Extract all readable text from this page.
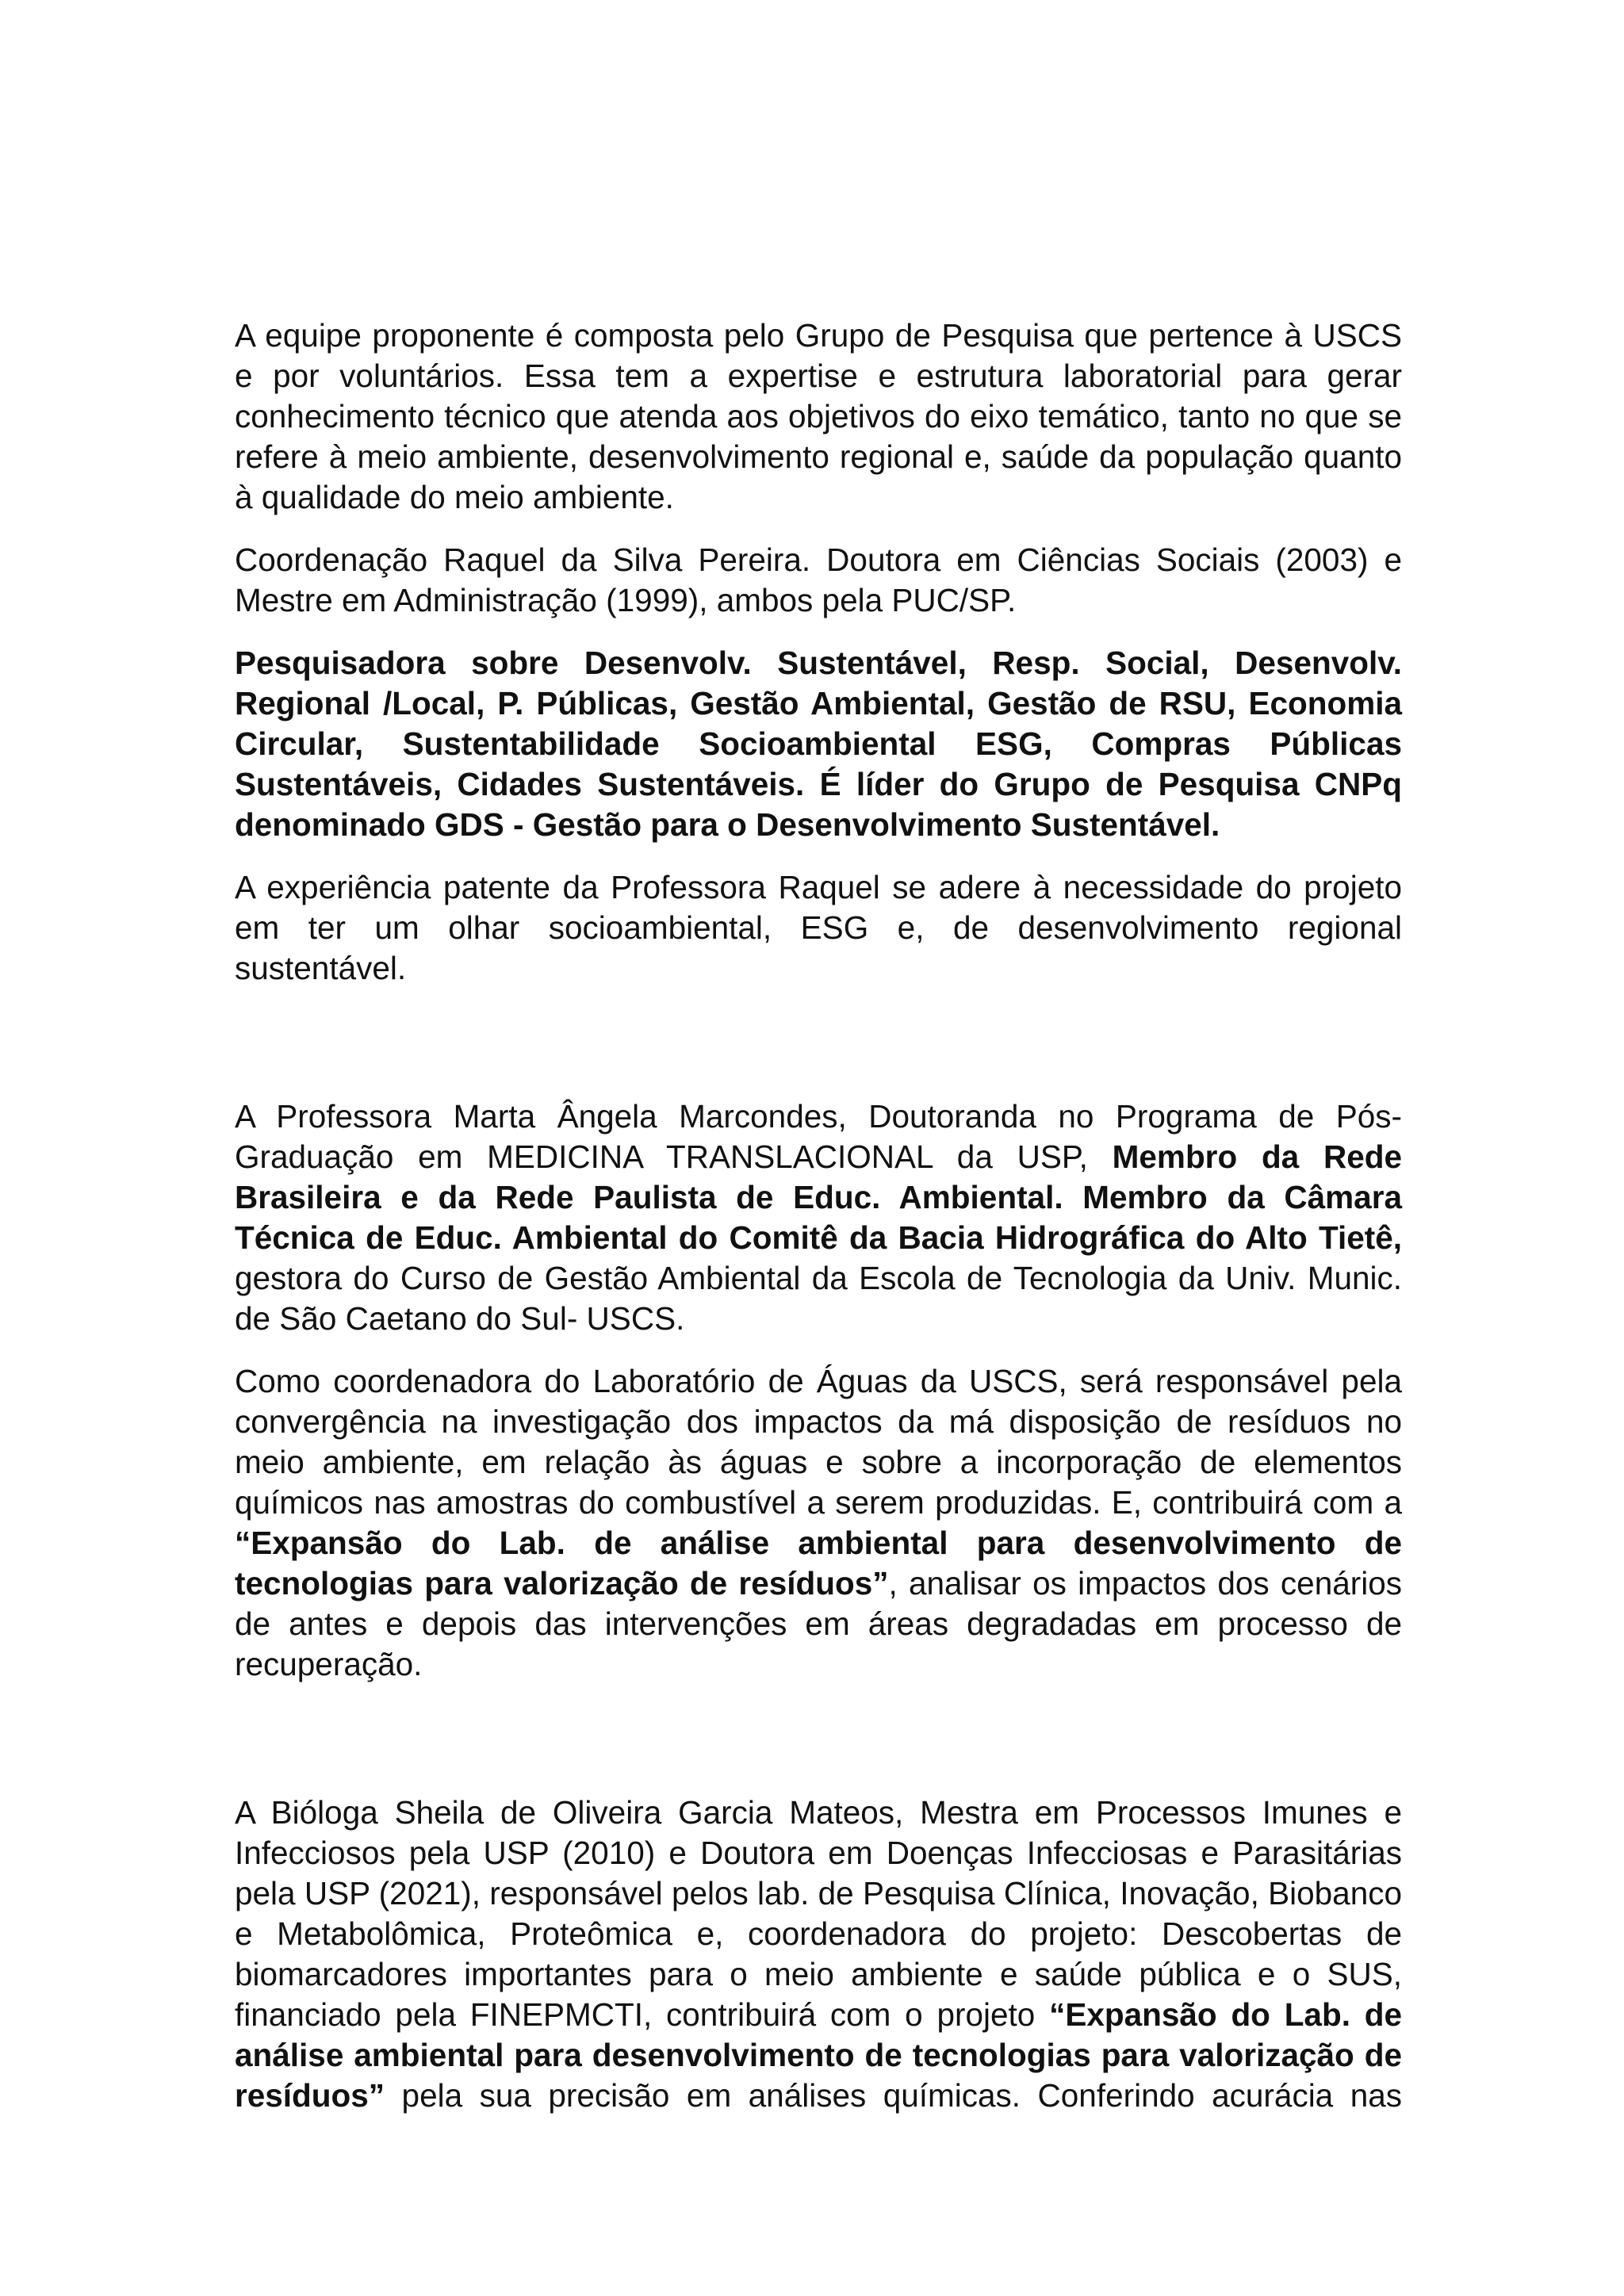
A equipe proponente é composta pelo Grupo de Pesquisa que pertence à USCS e por voluntários. Essa tem a expertise e estrutura laboratorial para gerar conhecimento técnico que atenda aos objetivos do eixo temático, tanto no que se refere à meio ambiente, desenvolvimento regional e, saúde da população quanto à qualidade do meio ambiente.

Coordenação Raquel da Silva Pereira. Doutora em Ciências Sociais (2003) e Mestre em Administração (1999), ambos pela PUC/SP.

Pesquisadora sobre Desenvolv. Sustentável, Resp. Social, Desenvolv. Regional /Local, P. Públicas, Gestão Ambiental, Gestão de RSU, Economia Circular, Sustentabilidade Socioambiental ESG, Compras Públicas Sustentáveis, Cidades Sustentáveis. É líder do Grupo de Pesquisa CNPq denominado GDS - Gestão para o Desenvolvimento Sustentável.

A experiência patente da Professora Raquel se adere à necessidade do projeto em ter um olhar socioambiental, ESG e, de desenvolvimento regional sustentável.

A Professora Marta Ângela Marcondes, Doutoranda no Programa de Pós-Graduação em MEDICINA TRANSLACIONAL da USP, Membro da Rede Brasileira e da Rede Paulista de Educ. Ambiental. Membro da Câmara Técnica de Educ. Ambiental do Comitê da Bacia Hidrográfica do Alto Tietê, gestora do Curso de Gestão Ambiental da Escola de Tecnologia da Univ. Munic. de São Caetano do Sul- USCS.

Como coordenadora do Laboratório de Águas da USCS, será responsável pela convergência na investigação dos impactos da má disposição de resíduos no meio ambiente, em relação às águas e sobre a incorporação de elementos químicos nas amostras do combustível a serem produzidas. E, contribuirá com a “Expansão do Lab. de análise ambiental para desenvolvimento de tecnologias para valorização de resíduos”, analisar os impactos dos cenários de antes e depois das intervenções em áreas degradadas em processo de recuperação.

A Bióloga Sheila de Oliveira Garcia Mateos, Mestra em Processos Imunes e Infecciosos pela USP (2010) e Doutora em Doenças Infecciosas e Parasitárias pela USP (2021), responsável pelos lab. de Pesquisa Clínica, Inovação, Biobanco e Metabolômica, Proteômica e, coordenadora do projeto: Descobertas de biomarcadores importantes para o meio ambiente e saúde pública e o SUS, financiado pela FINEPMCTI, contribuirá com o projeto “Expansão do Lab. de análise ambiental para desenvolvimento de tecnologias para valorização de resíduos” pela sua precisão em análises químicas. Conferindo acurácia nas
